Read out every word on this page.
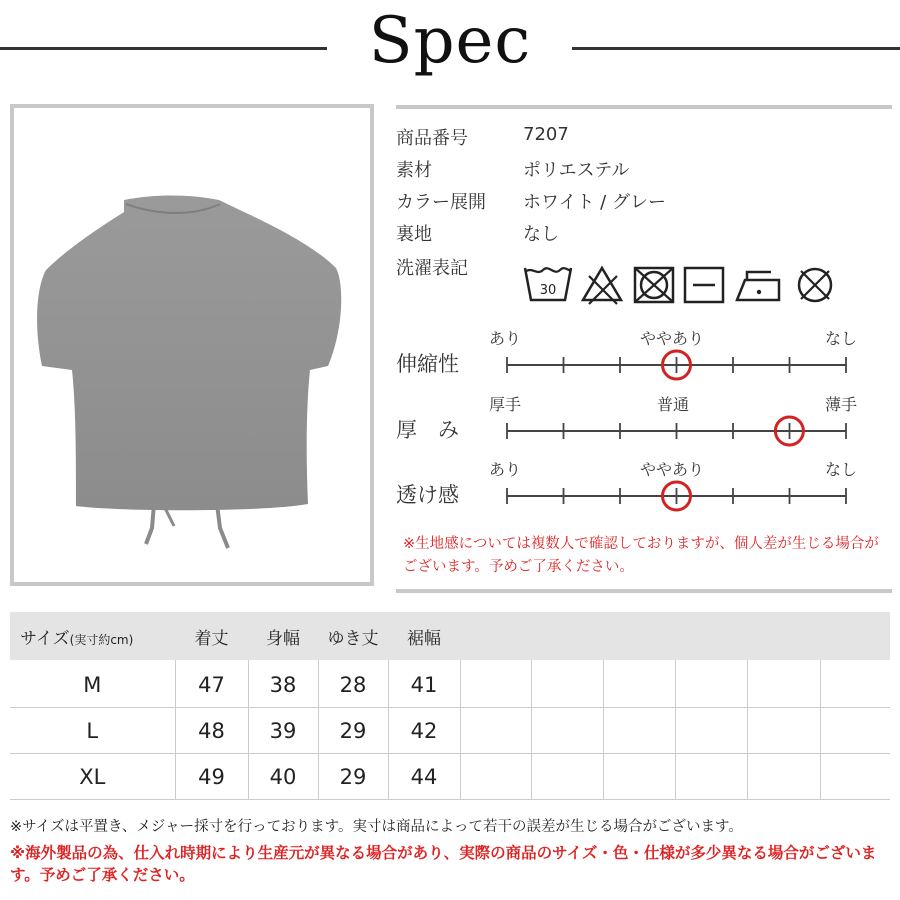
Spec
商品番号	7207
素材	ポリエステル
カラー展開	ホワイト / グレー
裏地	なし
洗濯表記
30
あり	ややあり	なし
伸縮性
厚手	普通	薄手
厚　み
あり	ややあり	なし
透け感
※生地感については複数人で確認しておりますが、個人差が生じる場合がございます。予めご了承ください。
サイズ(実寸約cm)	着丈	身幅	ゆき丈	裾幅						
M	47	38	28	41						
L	48	39	29	42						
XL	49	40	29	44						
※サイズは平置き、メジャー採寸を行っております。実寸は商品によって若干の誤差が生じる場合がございます。
※海外製品の為、仕入れ時期により生産元が異なる場合があり、実際の商品のサイズ・色・仕様が多少異なる場合がございます。予めご了承ください。
